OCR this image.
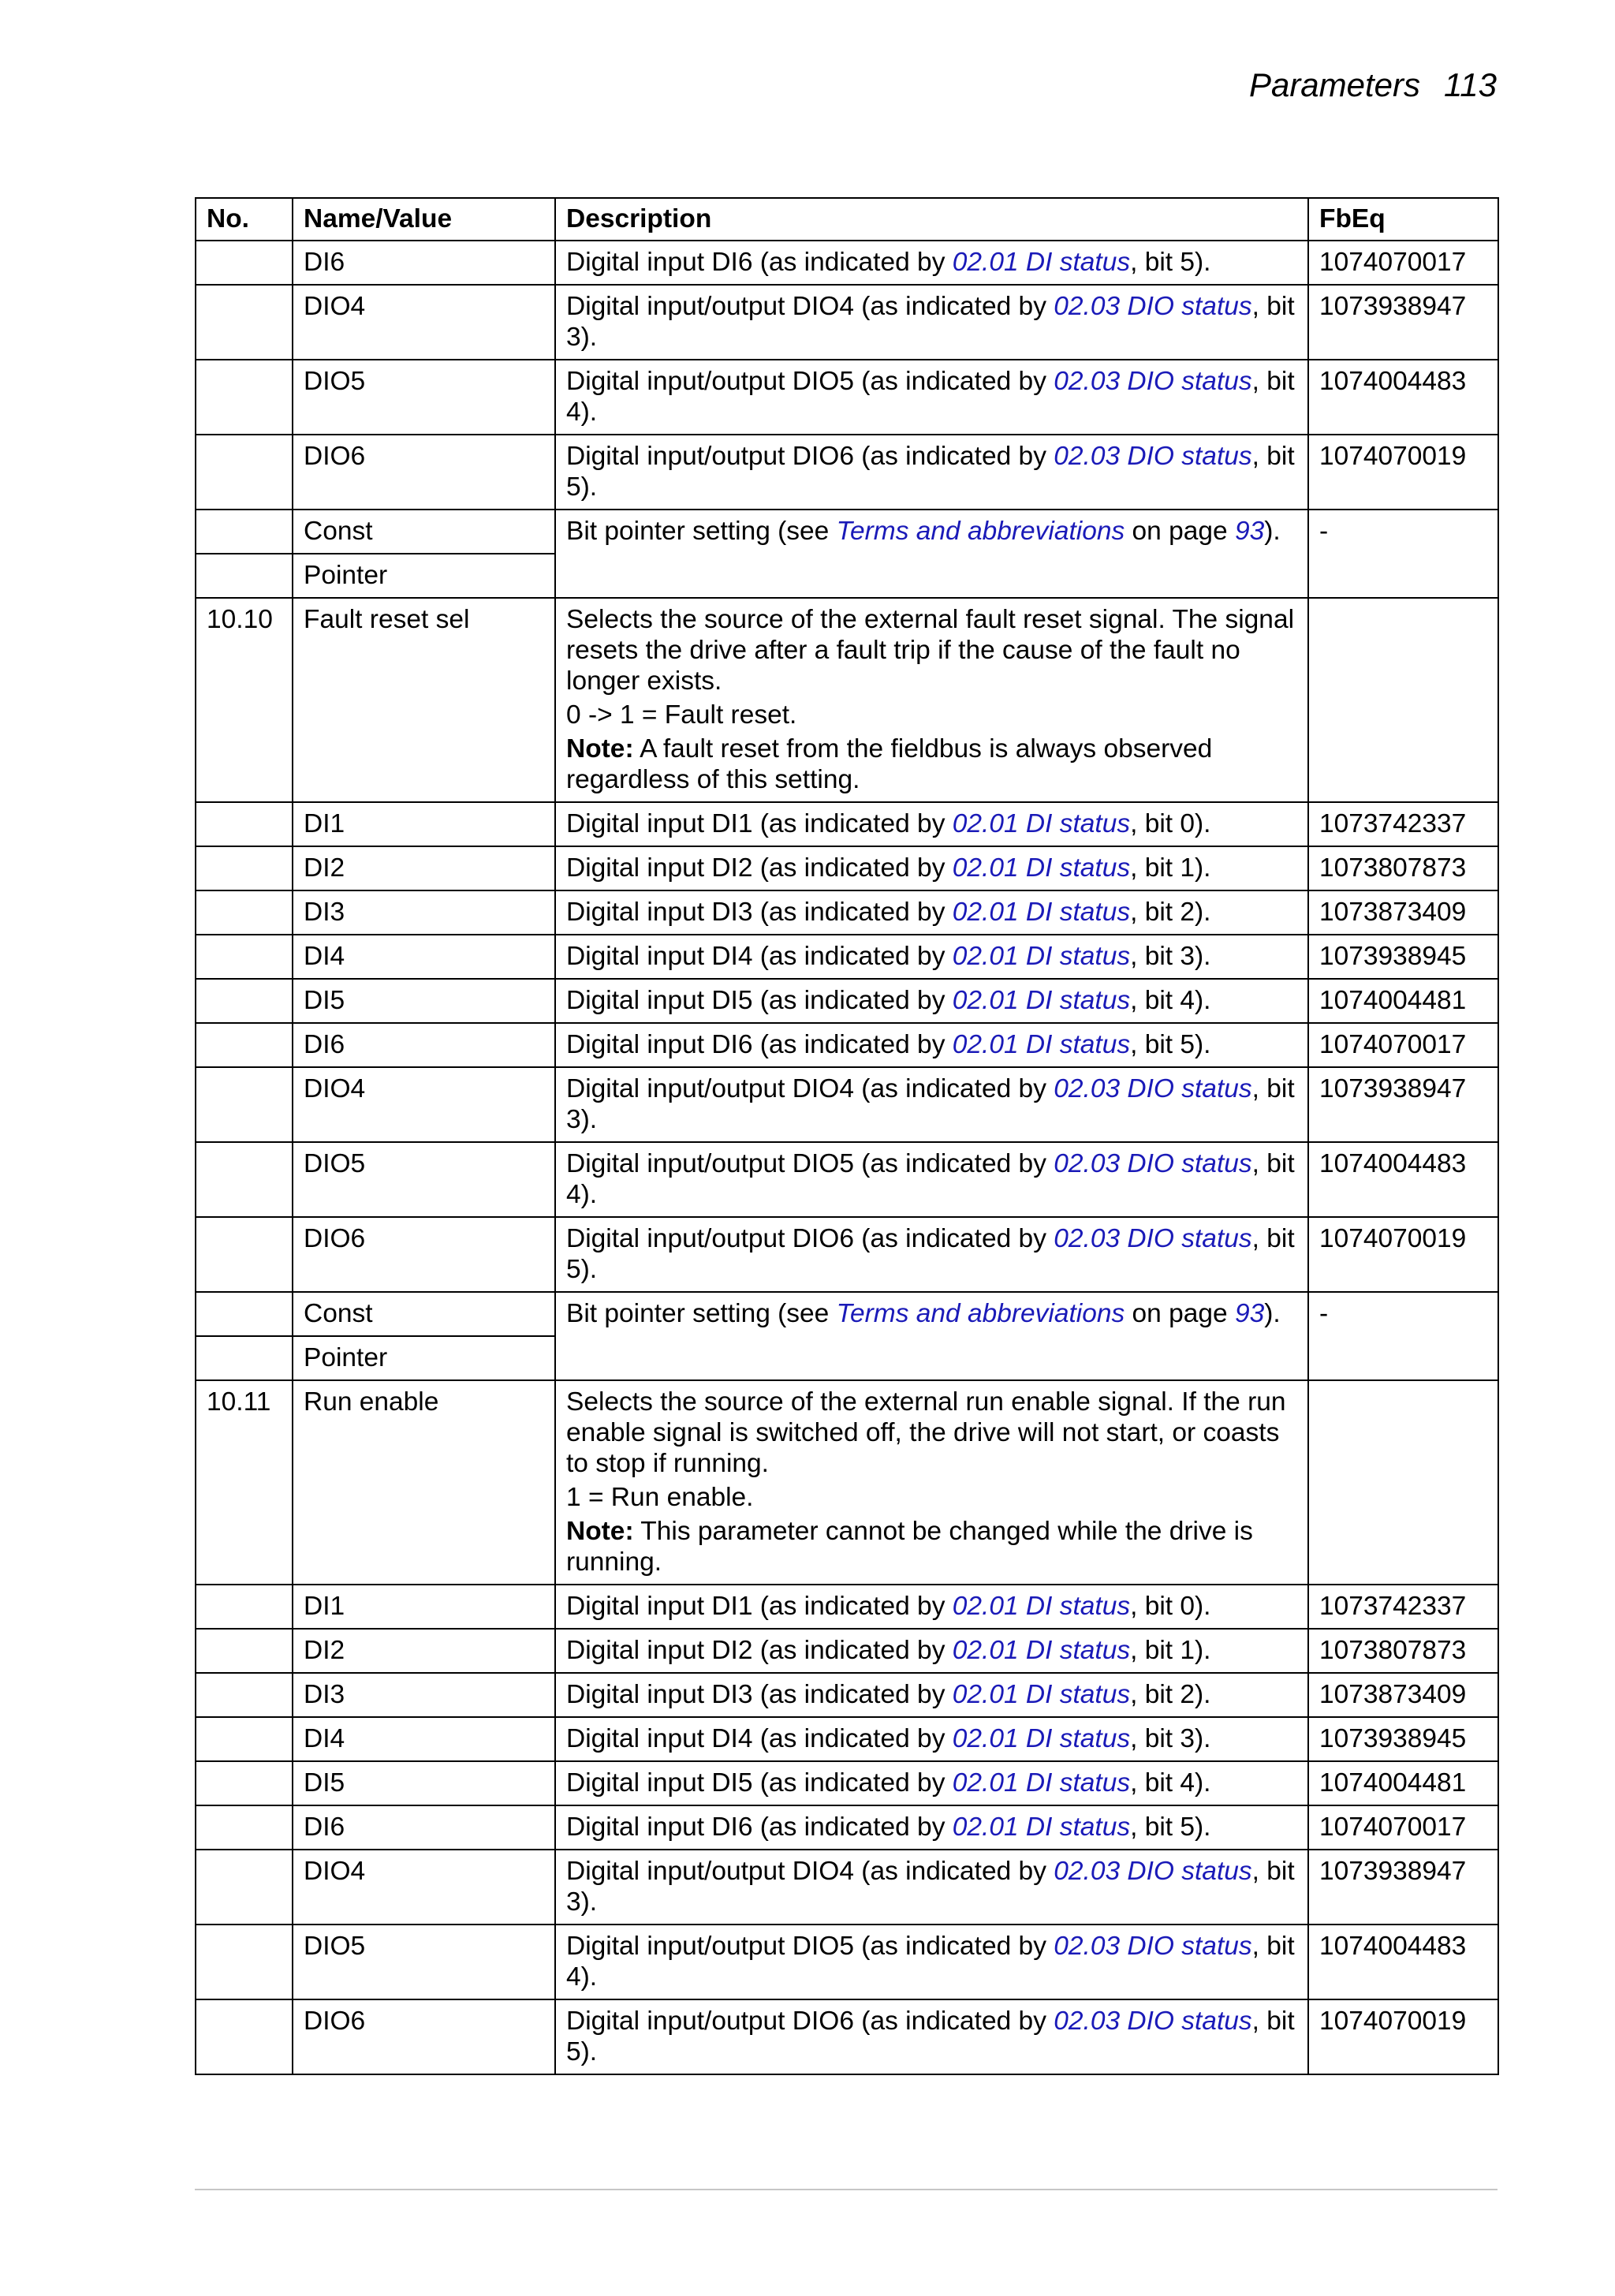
Parameters 113
No.	Name/Value	Description	FbEq
	DI6	Digital input DI6 (as indicated by 02.01 DI status, bit 5).	1074070017
	DIO4	Digital input/output DIO4 (as indicated by 02.03 DIO status, bit 3).	1073938947
	DIO5	Digital input/output DIO5 (as indicated by 02.03 DIO status, bit 4).	1074004483
	DIO6	Digital input/output DIO6 (as indicated by 02.03 DIO status, bit 5).	1074070019
	Const	Bit pointer setting (see Terms and abbreviations on page 93).	-
	Pointer		
10.10	Fault reset sel	Selects the source of the external fault reset signal. The signal resets the drive after a fault trip if the cause of the fault no longer exists.

0 -> 1 = Fault reset.

Note: A fault reset from the fieldbus is always observed regardless of this setting.	

	DI1	Digital input DI1 (as indicated by 02.01 DI status, bit 0).	1073742337
	DI2	Digital input DI2 (as indicated by 02.01 DI status, bit 1).	1073807873
	DI3	Digital input DI3 (as indicated by 02.01 DI status, bit 2).	1073873409
	DI4	Digital input DI4 (as indicated by 02.01 DI status, bit 3).	1073938945
	DI5	Digital input DI5 (as indicated by 02.01 DI status, bit 4).	1074004481
	DI6	Digital input DI6 (as indicated by 02.01 DI status, bit 5).	1074070017
	DIO4	Digital input/output DIO4 (as indicated by 02.03 DIO status, bit 3).	1073938947
	DIO5	Digital input/output DIO5 (as indicated by 02.03 DIO status, bit 4).	1074004483
	DIO6	Digital input/output DIO6 (as indicated by 02.03 DIO status, bit 5).	1074070019
	Const	Bit pointer setting (see Terms and abbreviations on page 93).	-
	Pointer		
10.11	Run enable	Selects the source of the external run enable signal. If the run enable signal is switched off, the drive will not start, or coasts to stop if running.

1 = Run enable.

Note: This parameter cannot be changed while the drive is running.	

	DI1	Digital input DI1 (as indicated by 02.01 DI status, bit 0).	1073742337
	DI2	Digital input DI2 (as indicated by 02.01 DI status, bit 1).	1073807873
	DI3	Digital input DI3 (as indicated by 02.01 DI status, bit 2).	1073873409
	DI4	Digital input DI4 (as indicated by 02.01 DI status, bit 3).	1073938945
	DI5	Digital input DI5 (as indicated by 02.01 DI status, bit 4).	1074004481
	DI6	Digital input DI6 (as indicated by 02.01 DI status, bit 5).	1074070017
	DIO4	Digital input/output DIO4 (as indicated by 02.03 DIO status, bit 3).	1073938947
	DIO5	Digital input/output DIO5 (as indicated by 02.03 DIO status, bit 4).	1074004483
	DIO6	Digital input/output DIO6 (as indicated by 02.03 DIO status, bit 5).	1074070019
